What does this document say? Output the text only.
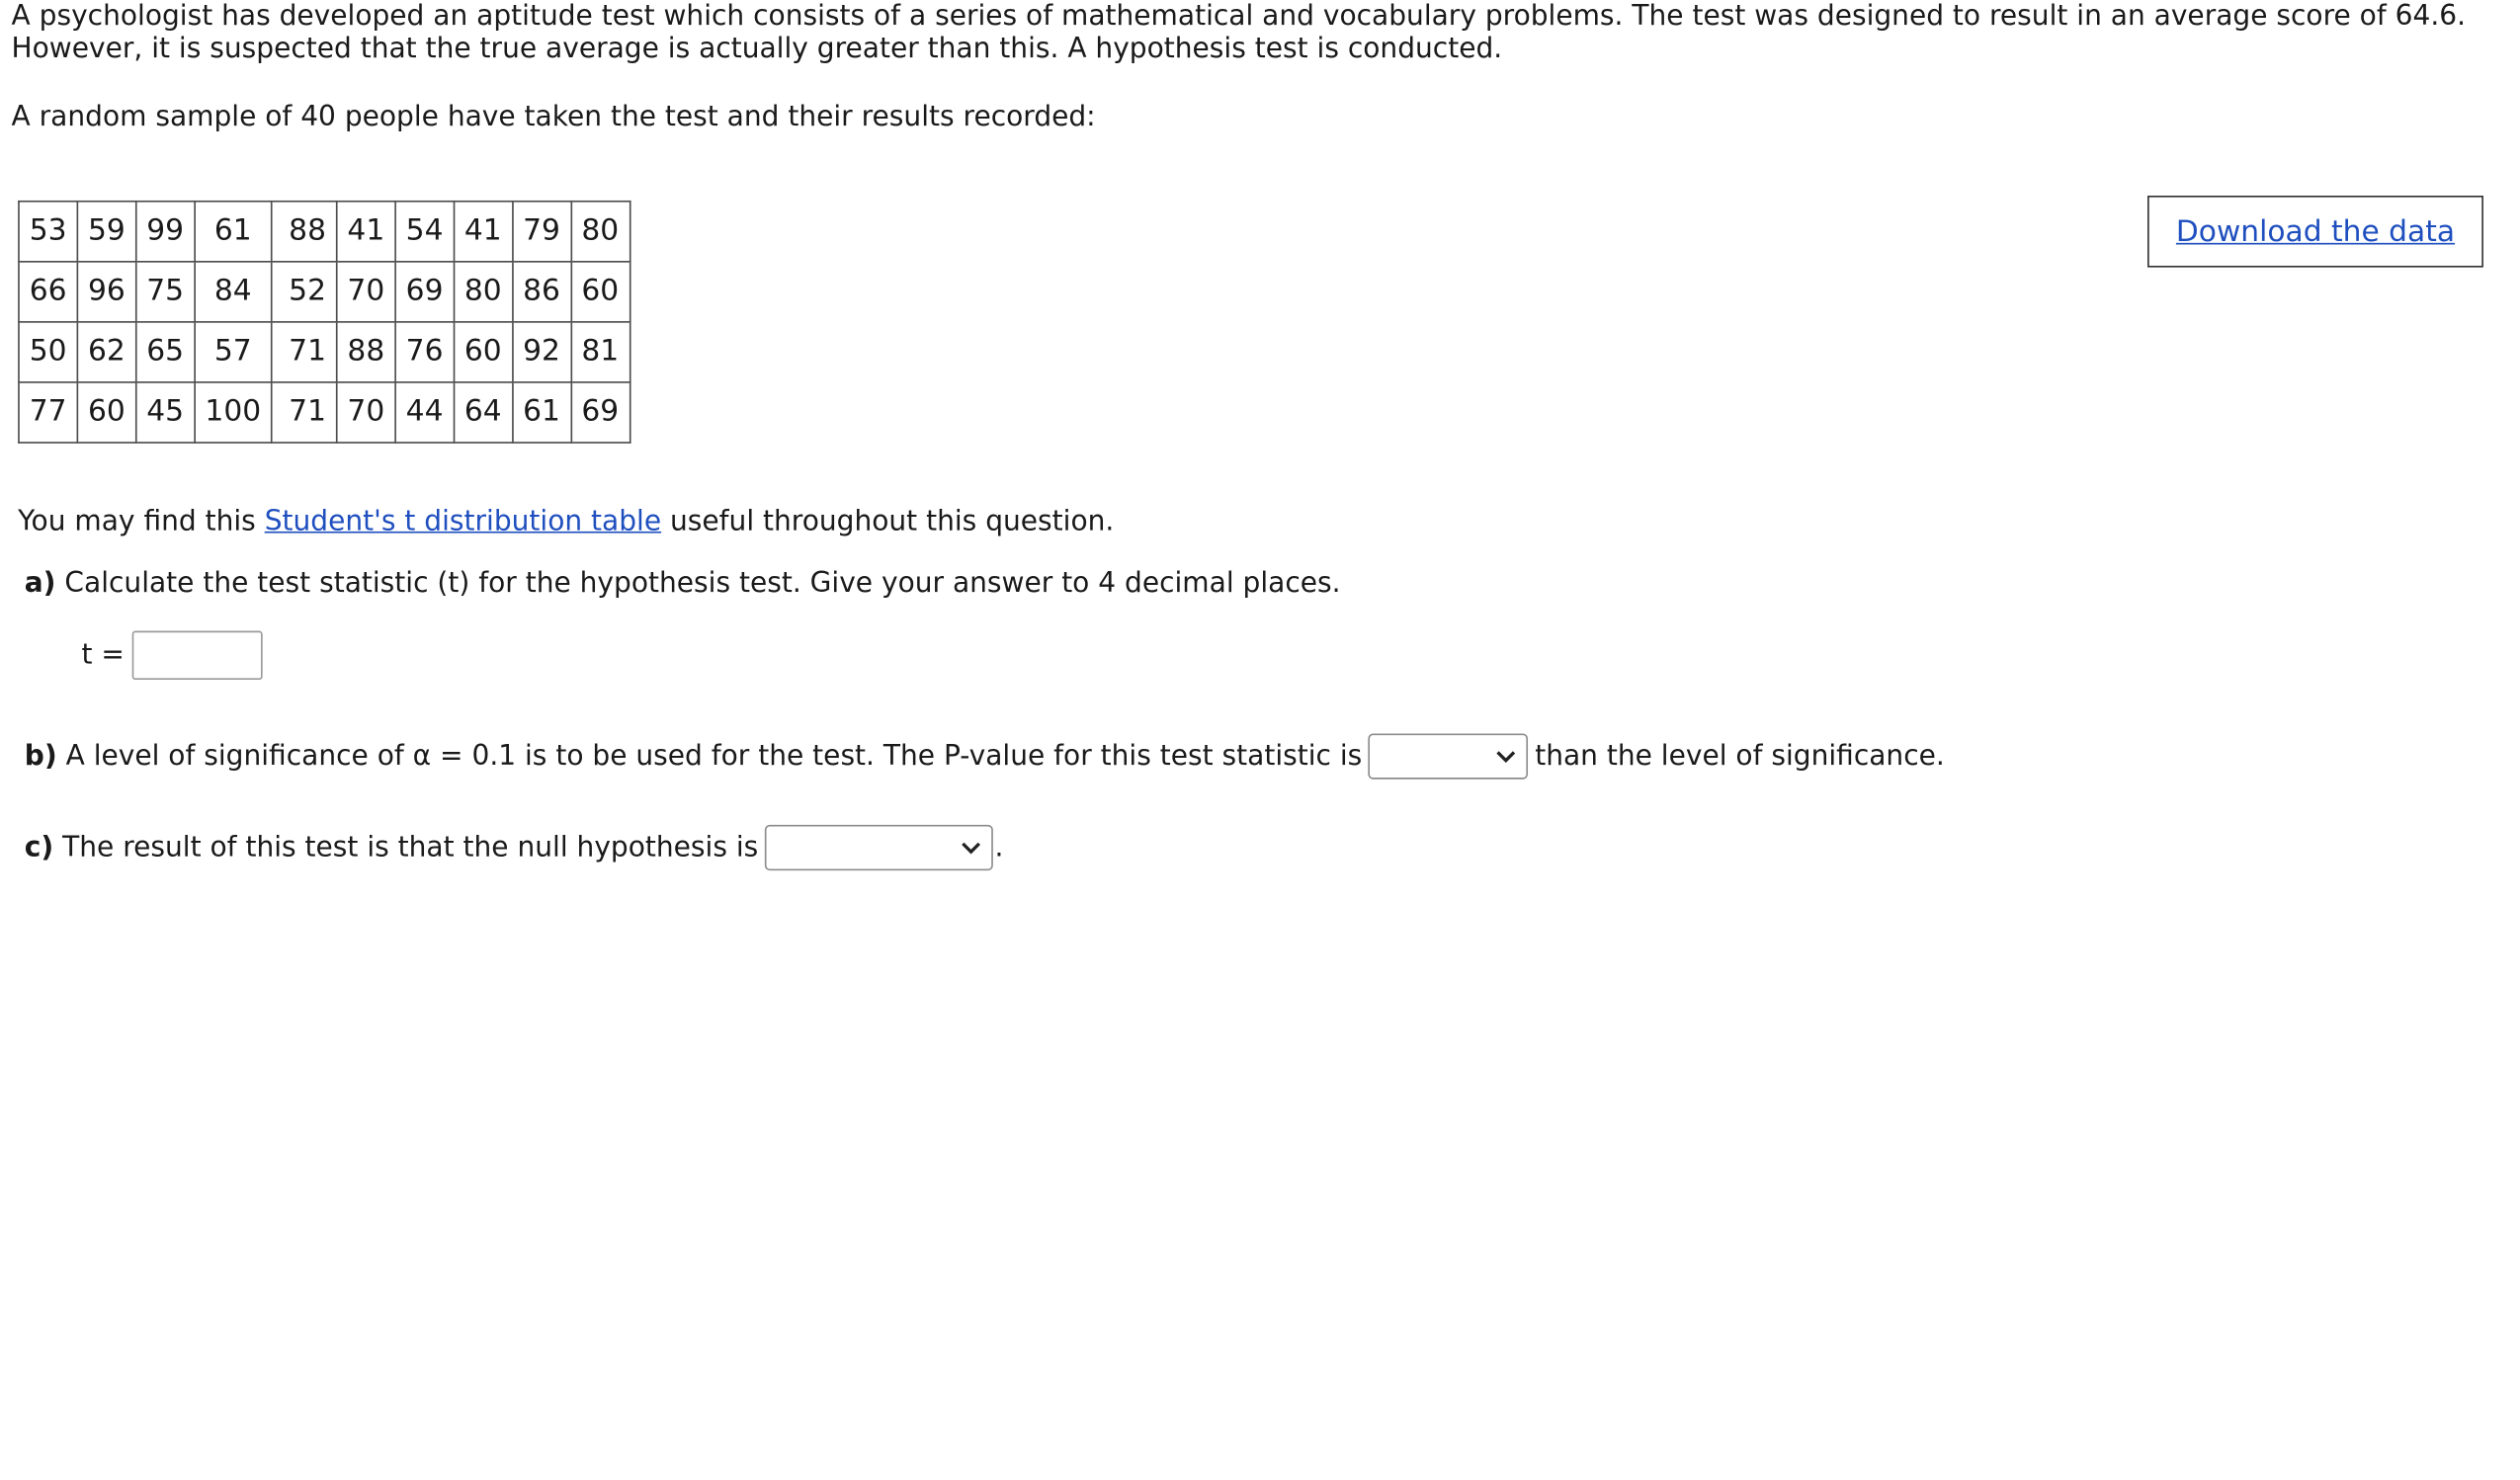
A psychologist has developed an aptitude test which consists of a series of mathematical and vocabulary problems. The test was designed to result in an average score of 64.6. However, it is suspected that the true average is actually greater than this. A hypothesis test is conducted.

A random sample of 40 people have taken the test and their results recorded:

53	59	99	61	88	41	54	41	79	80
66	96	75	84	52	70	69	80	86	60
50	62	65	57	71	88	76	60	92	81
77	60	45	100	71	70	44	64	61	69
Download the data

You may find this Student's t distribution table useful throughout this question.

a) Calculate the test statistic (t) for the hypothesis test. Give your answer to 4 decimal places.

t =

b) A level of significance of α = 0.1 is to be used for the test. The P-value for this test statistic is	than the level of significance.

c) The result of this test is that the null hypothesis is	.
